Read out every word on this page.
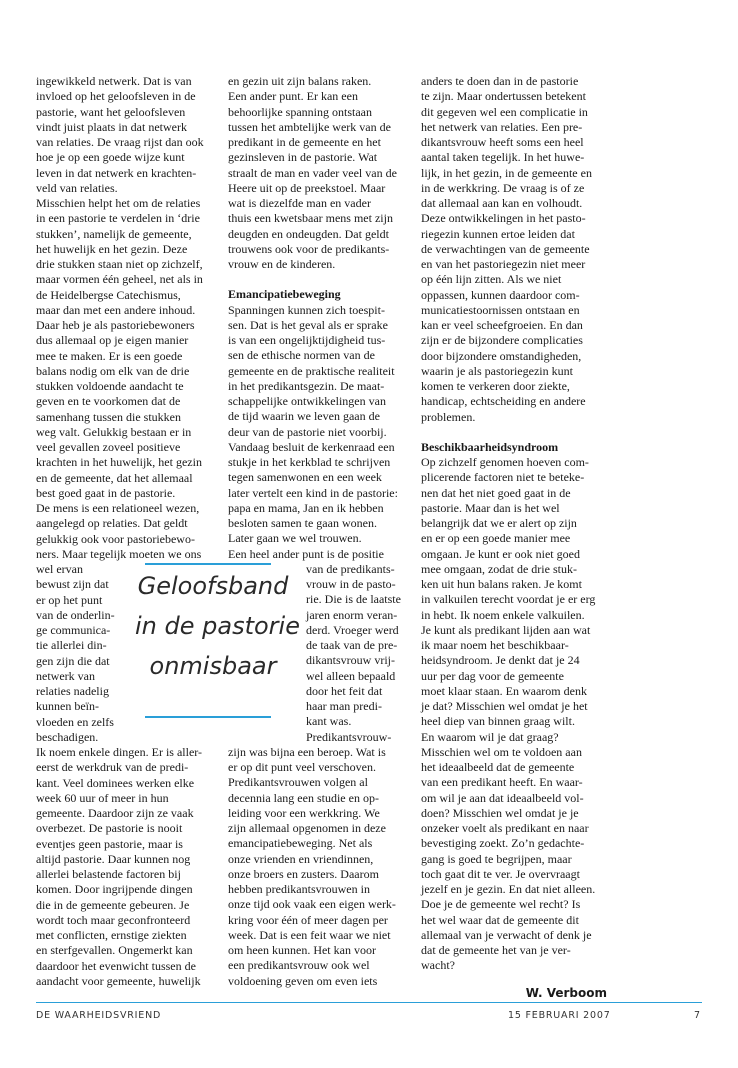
ingewikkeld netwerk. Dat is van
invloed op het geloofsleven in de
pastorie, want het geloofsleven
vindt juist plaats in dat netwerk
van relaties. De vraag rijst dan ook
hoe je op een goede wijze kunt
leven in dat netwerk en krachten-
veld van relaties.
Misschien helpt het om de relaties
in een pastorie te verdelen in ‘drie
stukken’, namelijk de gemeente,
het huwelijk en het gezin. Deze
drie stukken staan niet op zichzelf,
maar vormen één geheel, net als in
de Heidelbergse Catechismus,
maar dan met een andere inhoud.
Daar heb je als pastoriebewoners
dus allemaal op je eigen manier
mee te maken. Er is een goede
balans nodig om elk van de drie
stukken voldoende aandacht te
geven en te voorkomen dat de
samenhang tussen die stukken
weg valt. Gelukkig bestaan er in
veel gevallen zoveel positieve
krachten in het huwelijk, het gezin
en de gemeente, dat het allemaal
best goed gaat in de pastorie.
De mens is een relationeel wezen,
aangelegd op relaties. Dat geldt
gelukkig ook voor pastoriebewo-
ners. Maar tegelijk moeten we ons
wel ervan
bewust zijn dat
er op het punt
van de onderlin-
ge communica-
tie allerlei din-
gen zijn die dat
netwerk van
relaties nadelig
kunnen beïn-
vloeden en zelfs
beschadigen.
Ik noem enkele dingen. Er is aller-
eerst de werkdruk van de predi-
kant. Veel dominees werken elke
week 60 uur of meer in hun
gemeente. Daardoor zijn ze vaak
overbezet. De pastorie is nooit
eventjes geen pastorie, maar is
altijd pastorie. Daar kunnen nog
allerlei belastende factoren bij
komen. Door ingrijpende dingen
die in de gemeente gebeuren. Je
wordt toch maar geconfronteerd
met conflicten, ernstige ziekten
en sterfgevallen. Ongemerkt kan
daardoor het evenwicht tussen de
aandacht voor gemeente, huwelijk
en gezin uit zijn balans raken.
Een ander punt. Er kan een
behoorlijke spanning ontstaan
tussen het ambtelijke werk van de
predikant in de gemeente en het
gezinsleven in de pastorie. Wat
straalt de man en vader veel van de
Heere uit op de preekstoel. Maar
wat is diezelfde man en vader
thuis een kwetsbaar mens met zijn
deugden en ondeugden. Dat geldt
trouwens ook voor de predikants-
vrouw en de kinderen.
Emancipatiebeweging
Spanningen kunnen zich toespit-
sen. Dat is het geval als er sprake
is van een ongelijktijdigheid tus-
sen de ethische normen van de
gemeente en de praktische realiteit
in het predikantsgezin. De maat-
schappelijke ontwikkelingen van
de tijd waarin we leven gaan de
deur van de pastorie niet voorbij.
Vandaag besluit de kerkenraad een
stukje in het kerkblad te schrijven
tegen samenwonen en een week
later vertelt een kind in de pastorie:
papa en mama, Jan en ik hebben
besloten samen te gaan wonen.
Later gaan we wel trouwen.
Een heel ander punt is de positie
van de predikants-
vrouw in de pasto-
rie. Die is de laatste
jaren enorm veran-
derd. Vroeger werd
de taak van de pre-
dikantsvrouw vrij-
wel alleen bepaald
door het feit dat
haar man predi-
kant was.
Predikantsvrouw-
zijn was bijna een beroep. Wat is
er op dit punt veel verschoven.
Predikantsvrouwen volgen al
decennia lang een studie en op-
leiding voor een werkkring. We
zijn allemaal opgenomen in deze
emancipatiebeweging. Net als
onze vrienden en vriendinnen,
onze broers en zusters. Daarom
hebben predikantsvrouwen in
onze tijd ook vaak een eigen werk-
kring voor één of meer dagen per
week. Dat is een feit waar we niet
om heen kunnen. Het kan voor
een predikantsvrouw ook wel
voldoening geven om even iets
anders te doen dan in de pastorie
te zijn. Maar ondertussen betekent
dit gegeven wel een complicatie in
het netwerk van relaties. Een pre-
dikantsvrouw heeft soms een heel
aantal taken tegelijk. In het huwe-
lijk, in het gezin, in de gemeente en
in de werkkring. De vraag is of ze
dat allemaal aan kan en volhoudt.
Deze ontwikkelingen in het pasto-
riegezin kunnen ertoe leiden dat
de verwachtingen van de gemeente
en van het pastoriegezin niet meer
op één lijn zitten. Als we niet
oppassen, kunnen daardoor com-
municatiestoornissen ontstaan en
kan er veel scheefgroeien. En dan
zijn er de bijzondere complicaties
door bijzondere omstandigheden,
waarin je als pastoriegezin kunt
komen te verkeren door ziekte,
handicap, echtscheiding en andere
problemen.
Beschikbaarheidsyndroom
Op zichzelf genomen hoeven com-
plicerende factoren niet te beteke-
nen dat het niet goed gaat in de
pastorie. Maar dan is het wel
belangrijk dat we er alert op zijn
en er op een goede manier mee
omgaan. Je kunt er ook niet goed
mee omgaan, zodat de drie stuk-
ken uit hun balans raken. Je komt
in valkuilen terecht voordat je er erg
in hebt. Ik noem enkele valkuilen.
Je kunt als predikant lijden aan wat
ik maar noem het beschikbaar-
heidsyndroom. Je denkt dat je 24
uur per dag voor de gemeente
moet klaar staan. En waarom denk
je dat? Misschien wel omdat je het
heel diep van binnen graag wilt.
En waarom wil je dat graag?
Misschien wel om te voldoen aan
het ideaalbeeld dat de gemeente
van een predikant heeft. En waar-
om wil je aan dat ideaalbeeld vol-
doen? Misschien wel omdat je je
onzeker voelt als predikant en naar
bevestiging zoekt. Zo’n gedachte-
gang is goed te begrijpen, maar
toch gaat dit te ver. Je overvraagt
jezelf en je gezin. En dat niet alleen.
Doe je de gemeente wel recht? Is
het wel waar dat de gemeente dit
allemaal van je verwacht of denk je
dat de gemeente het van je ver-
wacht?
Geloofsband
in de pastorie
onmisbaar
W. Verboom
DE WAARHEIDSVRIEND	15 FEBRUARI 2007	7
